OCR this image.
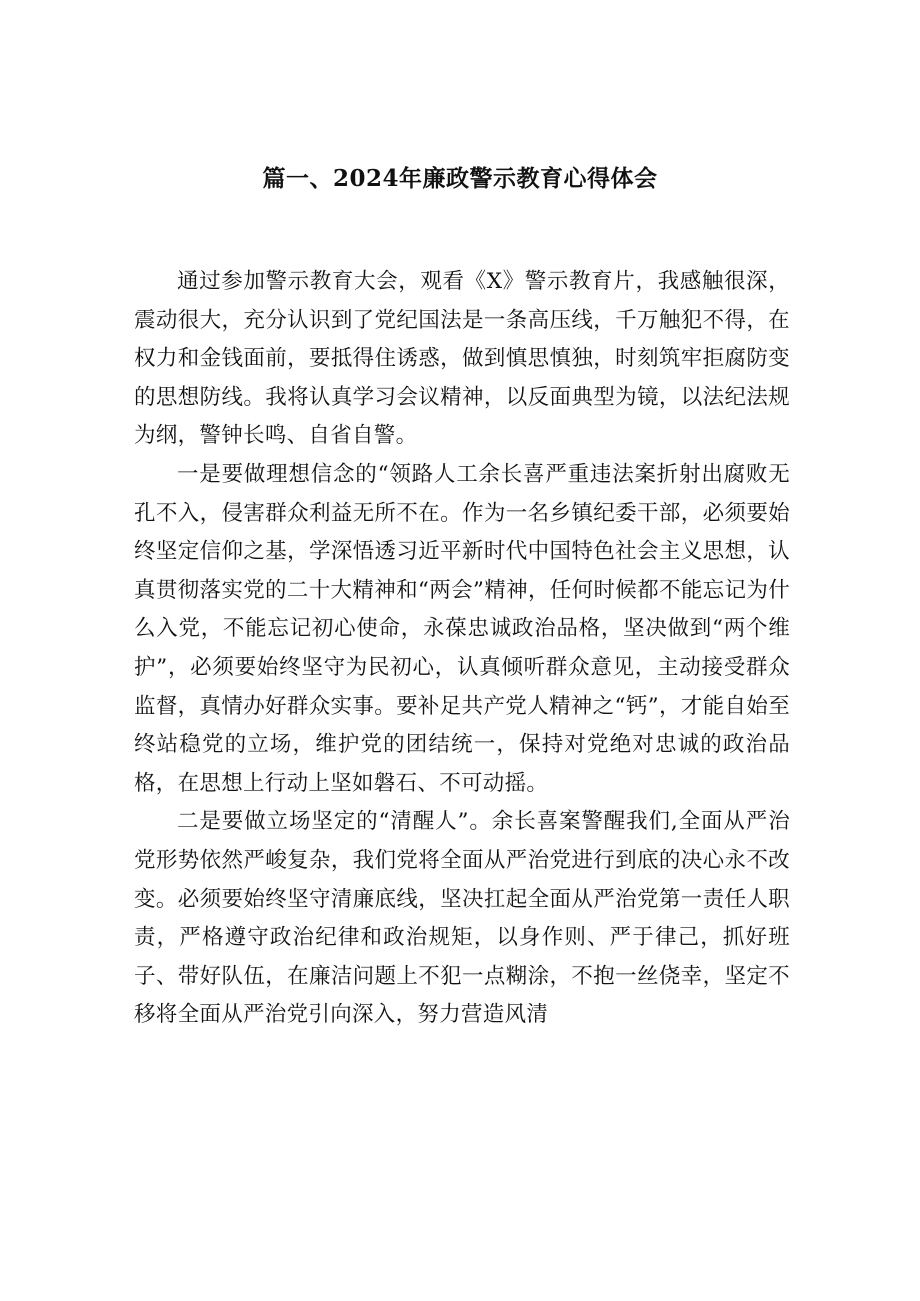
篇一、2024年廉政警示教育心得体会

通过参加警示教育大会，观看《X》警示教育片，我感触很深，震动很大，充分认识到了党纪国法是一条高压线，千万触犯不得，在权力和金钱面前，要抵得住诱惑，做到慎思慎独，时刻筑牢拒腐防变的思想防线。我将认真学习会议精神，以反面典型为镜，以法纪法规为纲，警钟长鸣、自省自警。

一是要做理想信念的“领路人工余长喜严重违法案折射出腐败无孔不入，侵害群众利益无所不在。作为一名乡镇纪委干部，必须要始终坚定信仰之基，学深悟透习近平新时代中国特色社会主义思想，认真贯彻落实党的二十大精神和“两会”精神，任何时候都不能忘记为什么入党，不能忘记初心使命，永葆忠诚政治品格，坚决做到“两个维护”，必须要始终坚守为民初心，认真倾听群众意见，主动接受群众监督，真情办好群众实事。要补足共产党人精神之“钙”，才能自始至终站稳党的立场，维护党的团结统一，保持对党绝对忠诚的政治品格，在思想上行动上坚如磐石、不可动摇。

二是要做立场坚定的“清醒人”。余长喜案警醒我们,全面从严治党形势依然严峻复杂，我们党将全面从严治党进行到底的决心永不改变。必须要始终坚守清廉底线，坚决扛起全面从严治党第一责任人职责，严格遵守政治纪律和政治规矩，以身作则、严于律己，抓好班子、带好队伍，在廉洁问题上不犯一点糊涂，不抱一丝侥幸，坚定不移将全面从严治党引向深入，努力营造风清
